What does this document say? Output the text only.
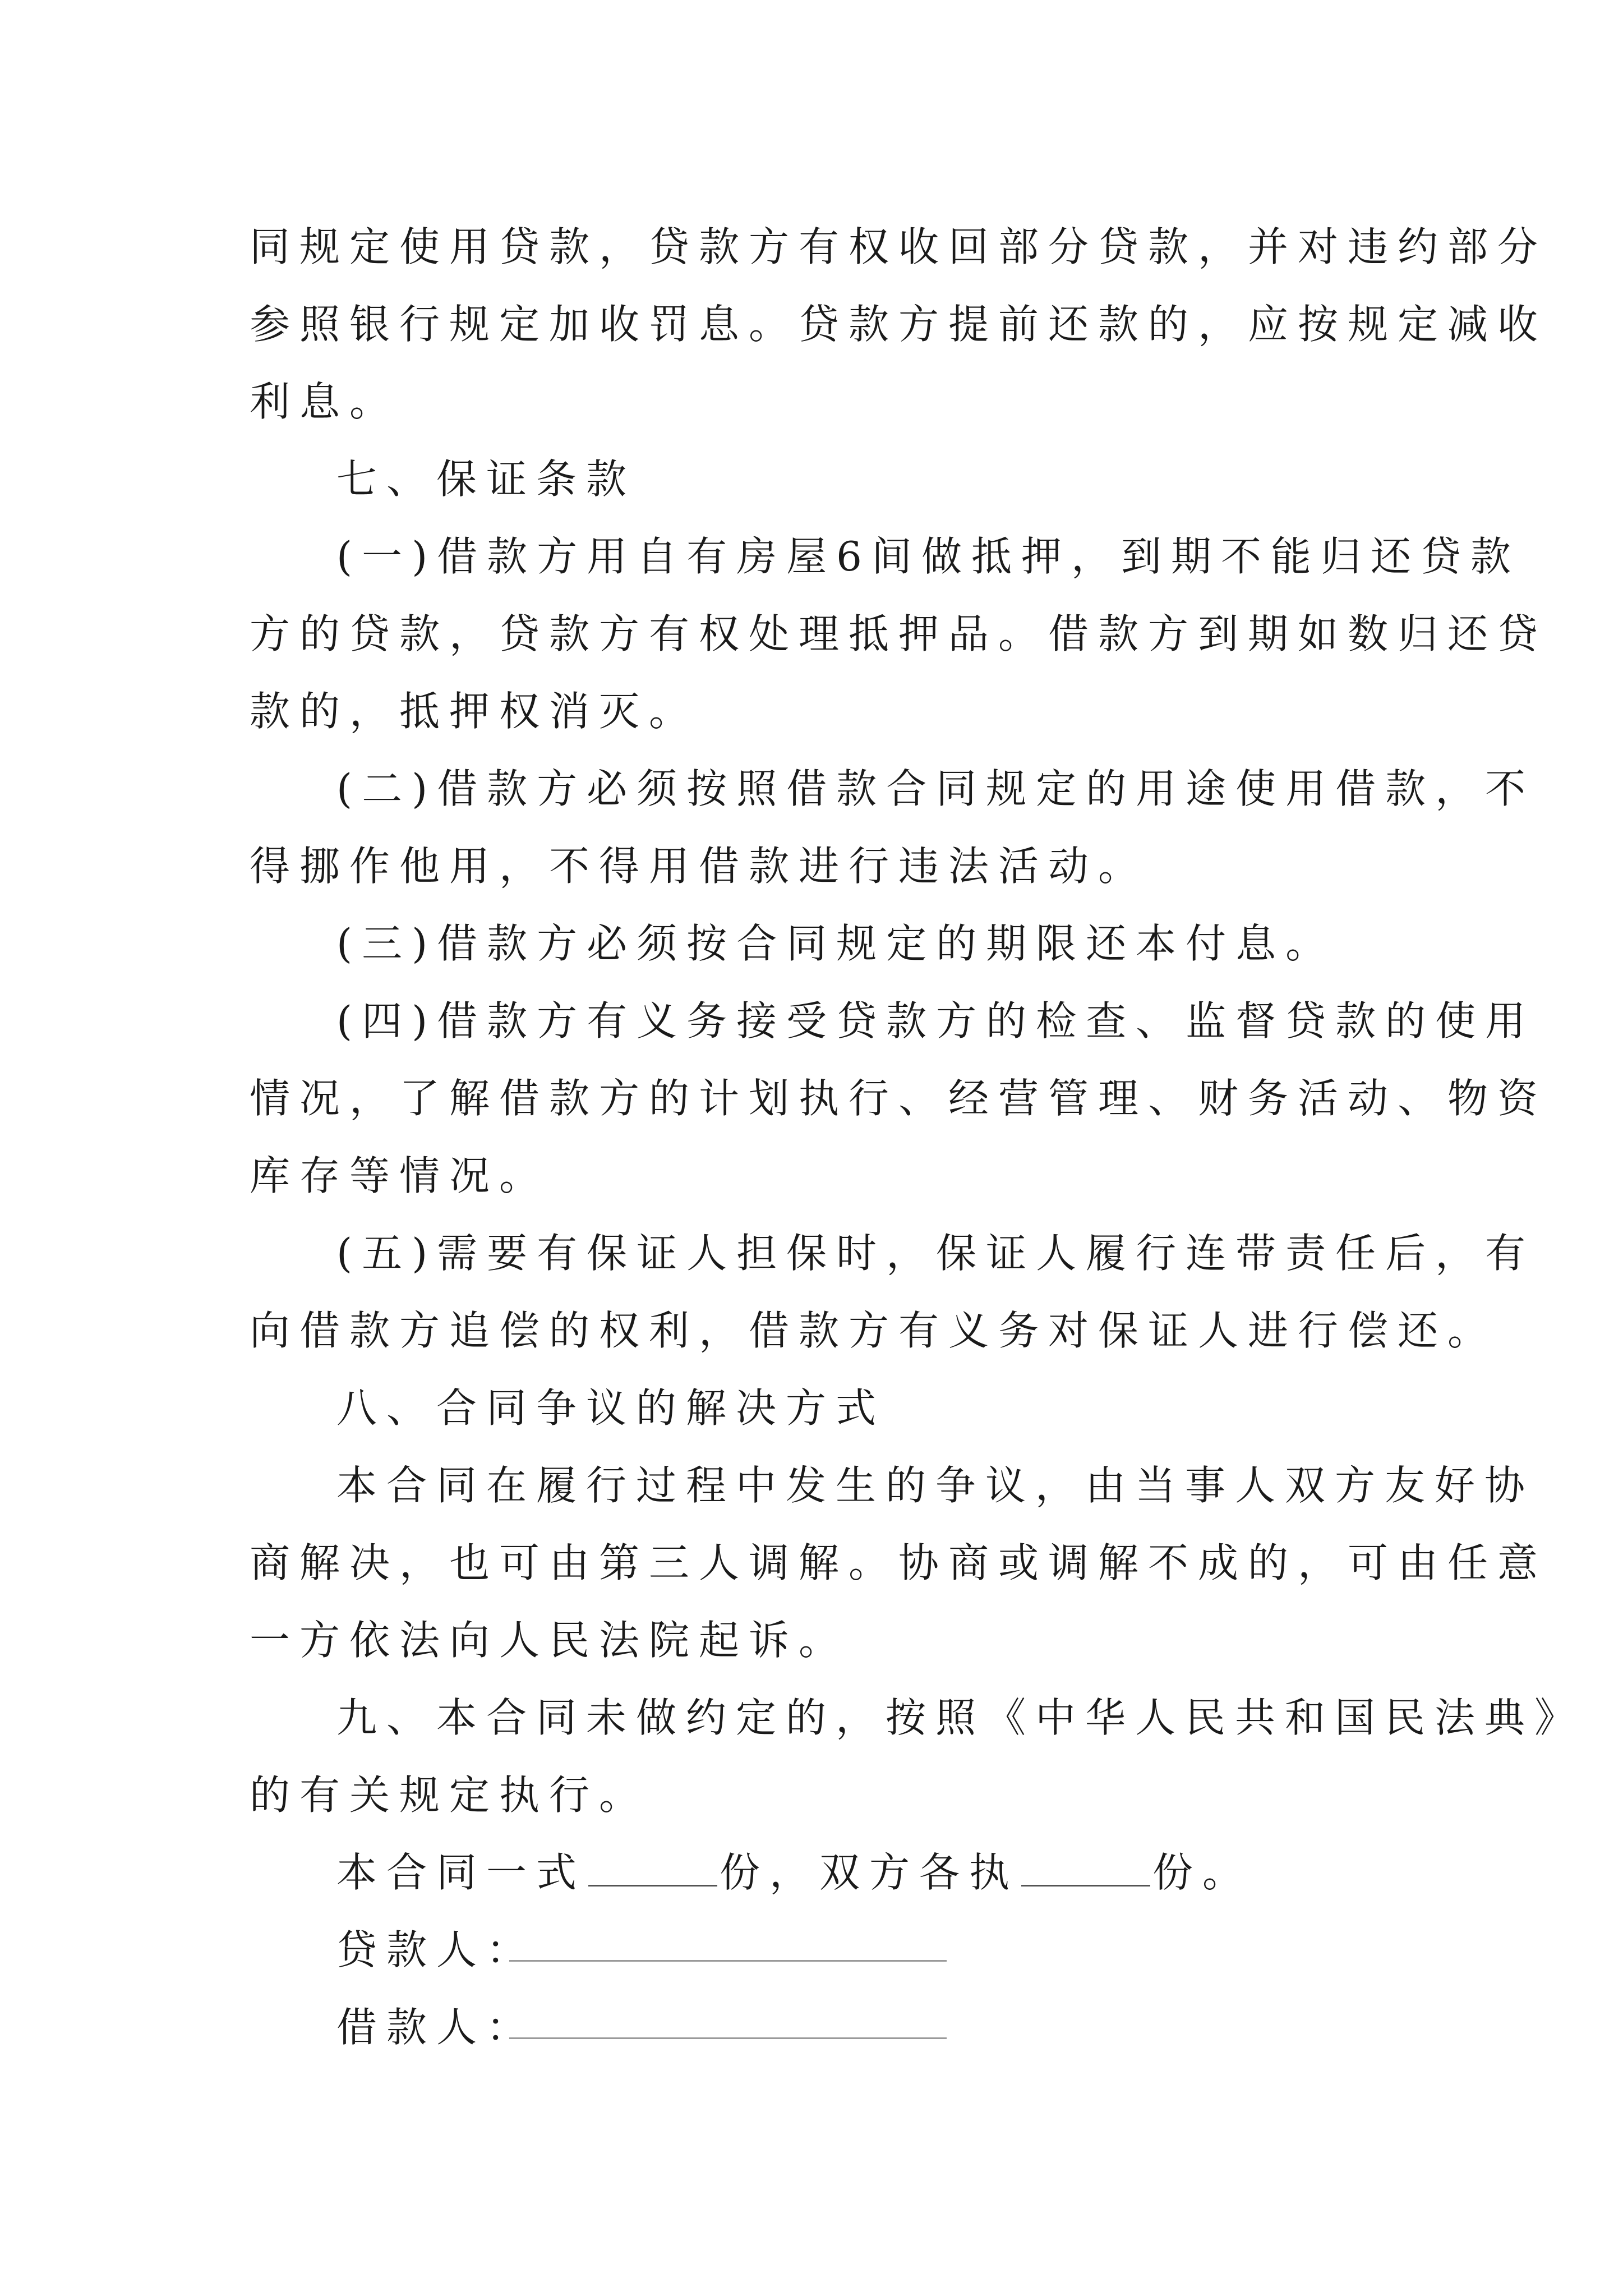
同规定使用贷款，贷款方有权收回部分贷款，并对违约部分
参照银行规定加收罚息。贷款方提前还款的，应按规定减收
利息。
七、保证条款
(一)借款方用自有房屋6间做抵押，到期不能归还贷款
方的贷款，贷款方有权处理抵押品。借款方到期如数归还贷
款的，抵押权消灭。
(二)借款方必须按照借款合同规定的用途使用借款，不
得挪作他用，不得用借款进行违法活动。
(三)借款方必须按合同规定的期限还本付息。
(四)借款方有义务接受贷款方的检查、监督贷款的使用
情况，了解借款方的计划执行、经营管理、财务活动、物资
库存等情况。
(五)需要有保证人担保时，保证人履行连带责任后，有
向借款方追偿的权利，借款方有义务对保证人进行偿还。
八、合同争议的解决方式
本合同在履行过程中发生的争议，由当事人双方友好协
商解决，也可由第三人调解。协商或调解不成的，可由任意
一方依法向人民法院起诉。
九、本合同未做约定的，按照《中华人民共和国民法典》
的有关规定执行。
本合同一式	份，双方各执	份。
贷款人：
借款人：
